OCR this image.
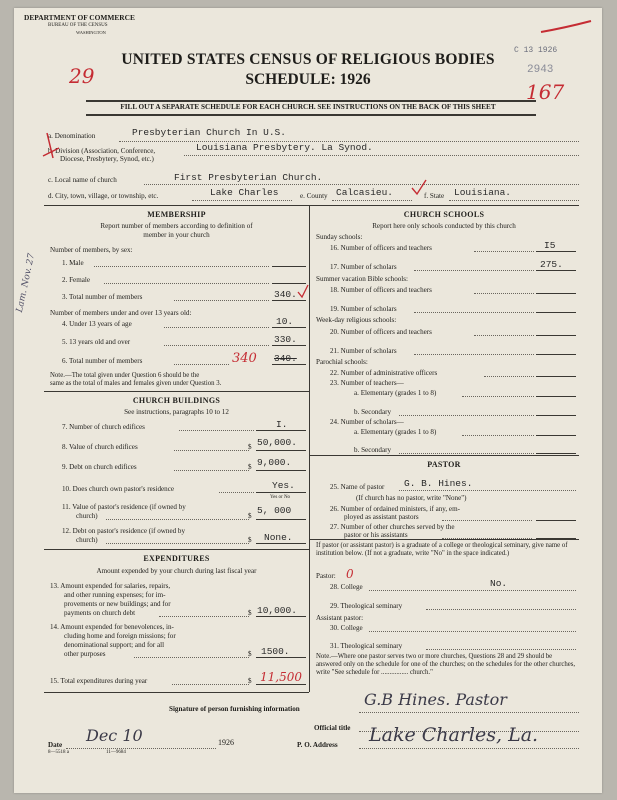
DEPARTMENT OF COMMERCE
BUREAU OF THE CENSUS
WASHINGTON
UNITED STATES CENSUS OF RELIGIOUS BODIES
SCHEDULE: 1926
C 13 1926
2943
29
167
FILL OUT A SEPARATE SCHEDULE FOR EACH CHURCH. SEE INSTRUCTIONS ON THE BACK OF THIS SHEET
a. Denomination	Presbyterian Church In U.S.
b. Division (Association, Conference,
Diocese, Presbytery, Synod, etc.)
Louisiana Presbytery. La Synod.
c. Local name of church	First Presbyterian Church.
d. City, town, village, or township, etc.	Lake Charles	e. County Calcasieu.	f. State Louisiana.
Lam. Nov. 27
MEMBERSHIP
Report number of members according to definition of
member in your church
Number of members, by sex:
1. Male
2. Female
3. Total number of members	340.
Number of members under and over 13 years old:
4. Under 13 years of age	10.
5. 13 years old and over	330.
6. Total number of members	340 340.
Note.—The total given under Question 6 should be the
same as the total of males and females given under Question 3.
CHURCH BUILDINGS
See instructions, paragraphs 10 to 12
7. Number of church edifices	I.
8. Value of church edifices	$ 50,000.
9. Debt on church edifices	$ 9,000.
10. Does church own pastor's residence	Yes.
Yes or No
11. Value of pastor's residence (if owned by
church)	$ 5, 000
12. Debt on pastor's residence (if owned by
church)	$ None.
EXPENDITURES
Amount expended by your church during last fiscal year
13. Amount expended for salaries, repairs,
and other running expenses; for im-
provements or new buildings; and for
payments on church debt	$ 10,000.
14. Amount expended for benevolences, in-
cluding home and foreign missions; for
denominational support; and for all
other purposes	$ 1500.
15. Total expenditures during year	$ 11,500
CHURCH SCHOOLS
Report here only schools conducted by this church
Sunday schools:
16. Number of officers and teachers	I5
17. Number of scholars	275.
Summer vacation Bible schools:
18. Number of officers and teachers
19. Number of scholars
Week-day religious schools:
20. Number of officers and teachers
21. Number of scholars
Parochial schools:
22. Number of administrative officers
23. Number of teachers—
a. Elementary (grades 1 to 8)
b. Secondary
24. Number of scholars—
a. Elementary (grades 1 to 8)
b. Secondary
PASTOR
25. Name of pastor G. B. Hines.
(If church has no pastor, write "None")
26. Number of ordained ministers, if any, em-
ployed as assistant pastors
27. Number of other churches served by the
pastor or his assistants
If pastor (or assistant pastor) is a graduate of a college or theological seminary, give name of institution below. (If not a graduate, write "No" in the space indicated.)
Pastor: 0
28. College	No.
29. Theological seminary
Assistant pastor:
30. College
31. Theological seminary
Note.—Where one pastor serves two or more churches, Questions 28 and 29 should be answered only on the schedule for one of the churches; on the schedules for the other churches, write "See schedule for ................ church."
Signature of person furnishing information	G.B Hines. Pastor
Official title
Date Dec 10	1926
8—5518 a	11—9684
P. O. Address Lake Charles, La.
